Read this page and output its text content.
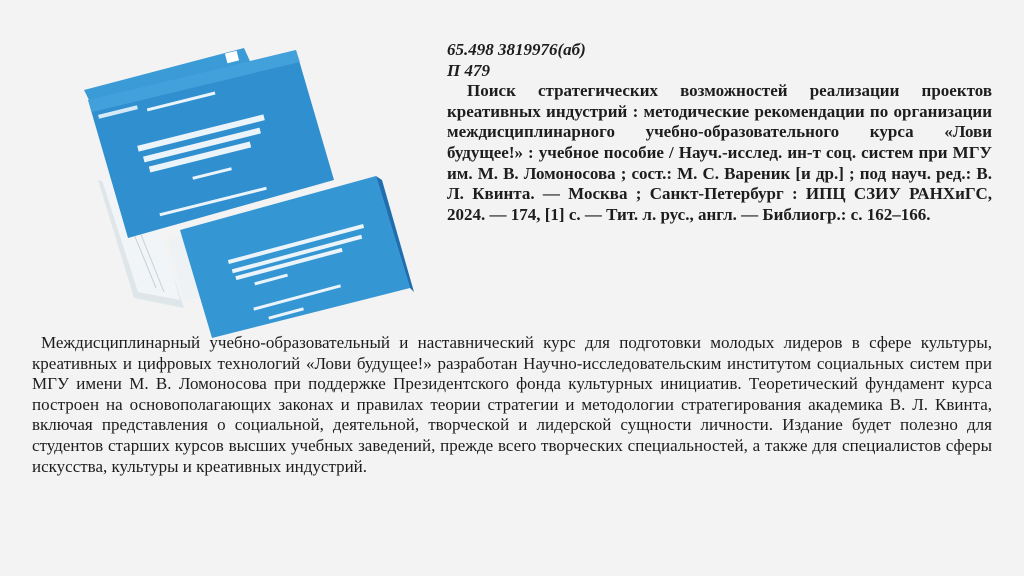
65.498 3819976(аб)
П 479
Поиск стратегических возможностей реализации проектов креативных индустрий : методические рекомендации по организации междисциплинарного учебно-образовательного курса «Лови будущее!» : учебное пособие / Науч.-исслед. ин-т соц. систем при МГУ им. М. В. Ломоносова ; сост.: М. С. Вареник [и др.] ; под науч. ред.: В. Л. Квинта. — Москва ; Санкт-Петербург : ИПЦ СЗИУ РАНХиГС, 2024. — 174, [1] с. — Тит. л. рус., англ. — Библиогр.: с. 162–166.
Междисциплинарный учебно-образовательный и наставнический курс для подготовки молодых лидеров в сфере культуры, креативных и цифровых технологий «Лови будущее!» разработан Научно-исследовательским институтом социальных систем при МГУ имени М. В. Ломоносова при поддержке Президентского фонда культурных инициатив. Теоретический фундамент курса построен на основополагающих законах и правилах теории стратегии и методологии стратегирования академика В. Л. Квинта, включая представления о социальной, деятельной, творческой и лидерской сущности личности. Издание будет полезно для студентов старших курсов высших учебных заведений, прежде всего творческих специальностей, а также для специалистов сферы искусства, культуры и креативных индустрий.
